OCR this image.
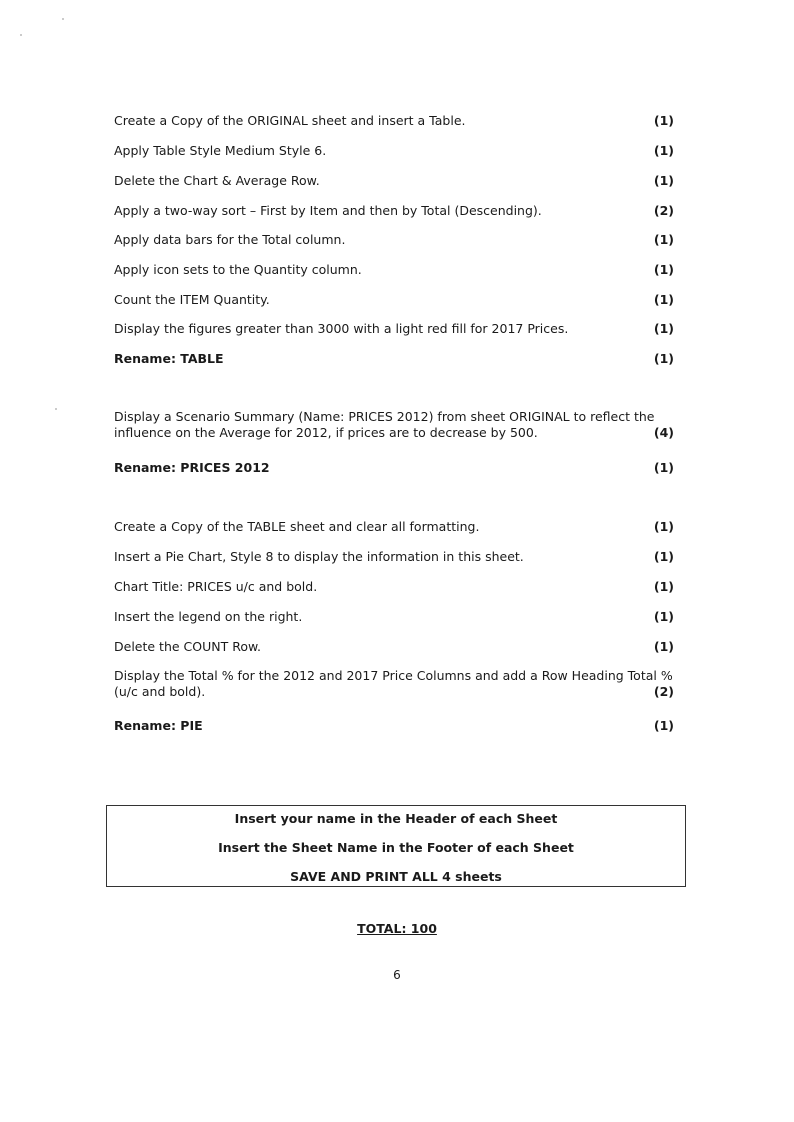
Create a Copy of the ORIGINAL sheet and insert a Table.	(1)
Apply Table Style Medium Style 6.	(1)
Delete the Chart & Average Row.	(1)
Apply a two-way sort – First by Item and then by Total (Descending).	(2)
Apply data bars for the Total column.	(1)
Apply icon sets to the Quantity column.	(1)
Count the ITEM Quantity.	(1)
Display the figures greater than 3000 with a light red fill for 2017 Prices.	(1)
Rename: TABLE	(1)
Display a Scenario Summary (Name: PRICES 2012) from sheet ORIGINAL to reflect the influence on the Average for 2012, if prices are to decrease by 500.	(4)
Rename: PRICES 2012	(1)
Create a Copy of the TABLE sheet and clear all formatting.	(1)
Insert a Pie Chart, Style 8 to display the information in this sheet.	(1)
Chart Title: PRICES u/c and bold.	(1)
Insert the legend on the right.	(1)
Delete the COUNT Row.	(1)
Display the Total % for the 2012 and 2017 Price Columns and add a Row Heading Total % (u/c and bold).	(2)
Rename: PIE	(1)
Insert your name in the Header of each Sheet
Insert the Sheet Name in the Footer of each Sheet
SAVE AND PRINT ALL 4 sheets
TOTAL: 100
6
